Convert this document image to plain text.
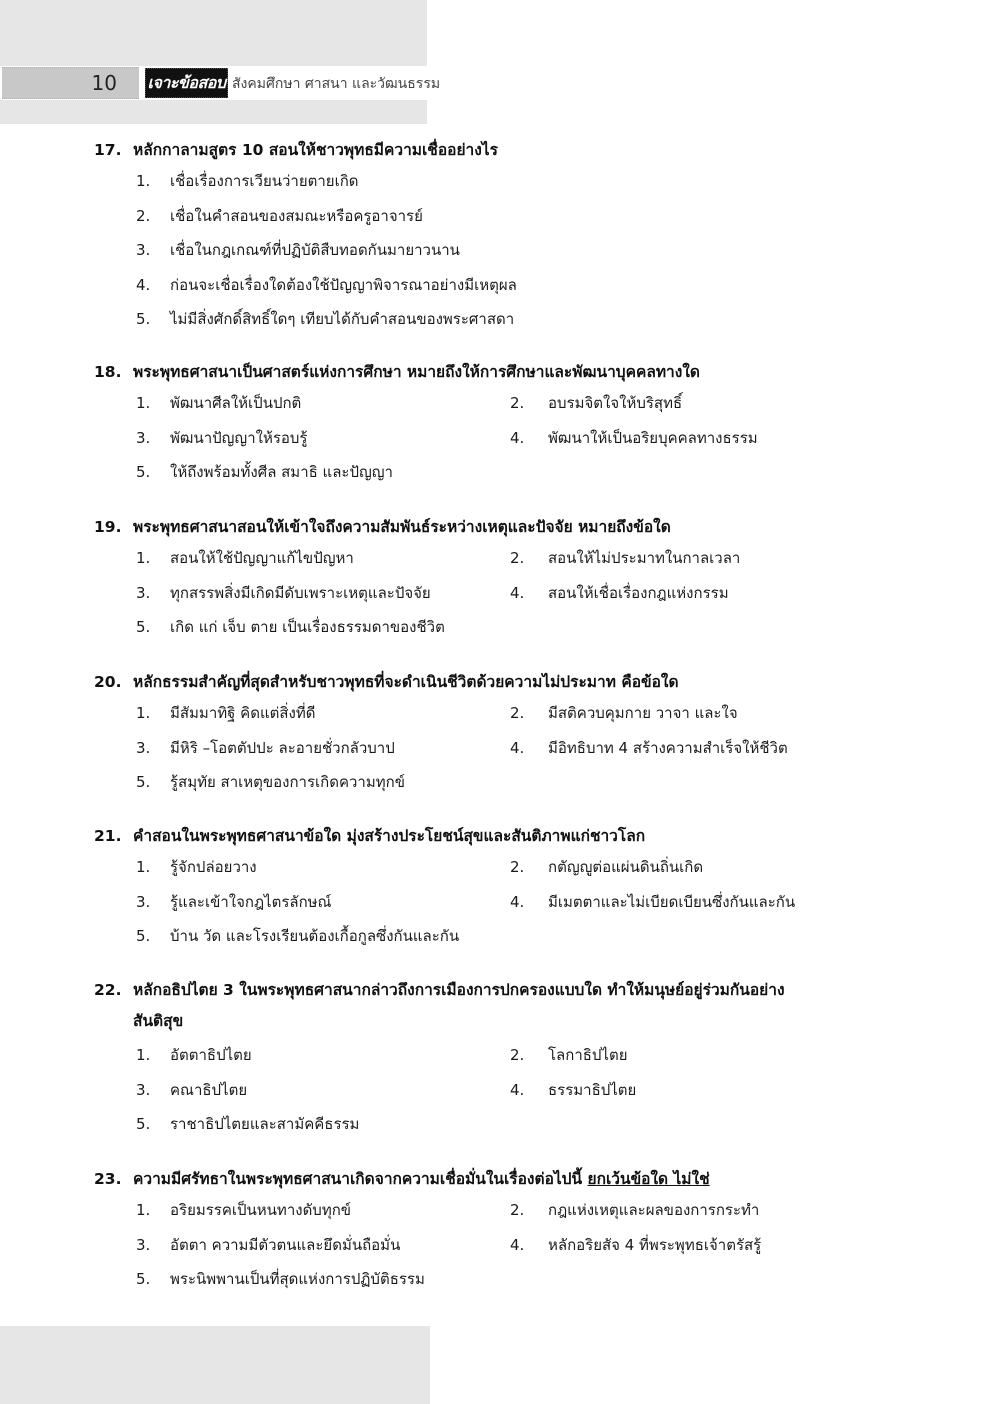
10	เจาะข้อสอบ สังคมศึกษา ศาสนา และวัฒนธรรม
17. หลักกาลามสูตร 10 สอนให้ชาวพุทธมีความเชื่ออย่างไร
1. เชื่อเรื่องการเวียนว่ายตายเกิด
2. เชื่อในคำสอนของสมณะหรือครูอาจารย์
3. เชื่อในกฎเกณฑ์ที่ปฏิบัติสืบทอดกันมายาวนาน
4. ก่อนจะเชื่อเรื่องใดต้องใช้ปัญญาพิจารณาอย่างมีเหตุผล
5. ไม่มีสิ่งศักดิ์สิทธิ์ใดๆ เทียบได้กับคำสอนของพระศาสดา
18. พระพุทธศาสนาเป็นศาสตร์แห่งการศึกษา หมายถึงให้การศึกษาและพัฒนาบุคคลทางใด
1. พัฒนาศีลให้เป็นปกติ	2. อบรมจิตใจให้บริสุทธิ์
3. พัฒนาปัญญาให้รอบรู้	4. พัฒนาให้เป็นอริยบุคคลทางธรรม
5. ให้ถึงพร้อมทั้งศีล สมาธิ และปัญญา
19. พระพุทธศาสนาสอนให้เข้าใจถึงความสัมพันธ์ระหว่างเหตุและปัจจัย หมายถึงข้อใด
1. สอนให้ใช้ปัญญาแก้ไขปัญหา	2. สอนให้ไม่ประมาทในกาลเวลา
3. ทุกสรรพสิ่งมีเกิดมีดับเพราะเหตุและปัจจัย	4. สอนให้เชื่อเรื่องกฎแห่งกรรม
5. เกิด แก่ เจ็บ ตาย เป็นเรื่องธรรมดาของชีวิต
20. หลักธรรมสำคัญที่สุดสำหรับชาวพุทธที่จะดำเนินชีวิตด้วยความไม่ประมาท คือข้อใด
1. มีสัมมาทิฐิ คิดแต่สิ่งที่ดี	2. มีสติควบคุมกาย วาจา และใจ
3. มีหิริ –โอตตัปปะ ละอายชั่วกลัวบาป	4. มีอิทธิบาท 4 สร้างความสำเร็จให้ชีวิต
5. รู้สมุทัย สาเหตุของการเกิดความทุกข์
21. คำสอนในพระพุทธศาสนาข้อใด มุ่งสร้างประโยชน์สุขและสันติภาพแก่ชาวโลก
1. รู้จักปล่อยวาง	2. กตัญญูต่อแผ่นดินถิ่นเกิด
3. รู้และเข้าใจกฎไตรลักษณ์	4. มีเมตตาและไม่เบียดเบียนซึ่งกันและกัน
5. บ้าน วัด และโรงเรียนต้องเกื้อกูลซึ่งกันและกัน
22. หลักอธิปไตย 3 ในพระพุทธศาสนากล่าวถึงการเมืองการปกครองแบบใด ทำให้มนุษย์อยู่ร่วมกันอย่าง
สันติสุข
1. อัตตาธิปไตย	2. โลกาธิปไตย
3. คณาธิปไตย	4. ธรรมาธิปไตย
5. ราชาธิปไตยและสามัคคีธรรม
23. ความมีศรัทธาในพระพุทธศาสนาเกิดจากความเชื่อมั่นในเรื่องต่อไปนี้ ยกเว้นข้อใด ไม่ใช่
1. อริยมรรคเป็นหนทางดับทุกข์	2. กฎแห่งเหตุและผลของการกระทำ
3. อัตตา ความมีตัวตนและยึดมั่นถือมั่น	4. หลักอริยสัจ 4 ที่พระพุทธเจ้าตรัสรู้
5. พระนิพพานเป็นที่สุดแห่งการปฏิบัติธรรม
